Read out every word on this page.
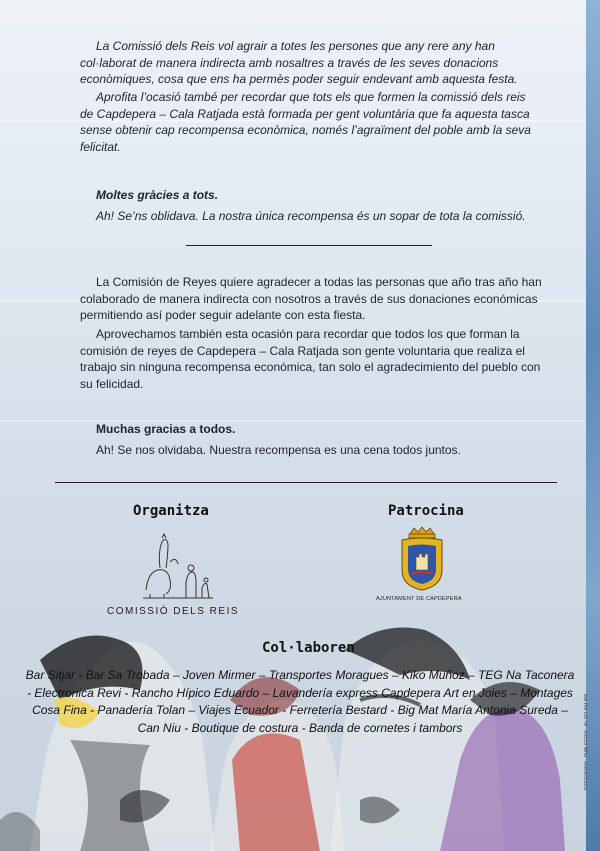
La Comissió dels Reis vol agrair a totes les persones que any rere any han col·laborat de manera indirecta amb nosaltres a través de les seves donacions econòmiques, cosa que ens ha permès poder seguir endevant amb aquesta festa.

Aprofita l’ocasió també per recordar que tots els que formen la comissió dels reis de Capdepera – Cala Ratjada està formada per gent voluntària que fa aquesta tasca sense obtenir cap recompensa econòmica, només l’agraïment del poble amb la seva felicitat.

Moltes gràcies a tots.

Ah! Se’ns oblidava. La nostra única recompensa és un sopar de tota la comissió.

La Comisión de Reyes quiere agradecer a todas las personas que año tras año han colaborado de manera indirecta con nosotros a través de sus donaciones económicas permitiendo así poder seguir adelante con esta fiesta.

Aprovechamos también esta ocasión para recordar que todos los que forman la comisión de reyes de Capdepera – Cala Ratjada son gente voluntaria que realiza el trabajo sin ninguna recompensa económica, tan solo el agradecimiento del pueblo con su felicidad.

Muchas gracias a todos.

Ah! Se nos olvidaba. Nuestra recompensa es una cena todos juntos.

Organitza
COMISSIÓ DELS REIS
Patrocina
AJUNTAMENT DE CAPDEPERA
Col·laboren

Bar Sitjar - Bar Sa Trobada – Joven Mirmer – Transportes Moragues – Kiko Muñoz – TEG Na Taconera - Electronica Revi - Rancho Hípico Eduardo – Lavandería express Capdepera Art en Joies – Montages Cosa Fina - Panadería Tolan – Viajes Ecuador - Ferretería Bestard - Big Mat María Antonia Sureda – Can Niu - Boutique de costura - Banda de cornetes i tambors	FOTOGRAFIA · PUBLICIDAD · tel. 971 564 083
